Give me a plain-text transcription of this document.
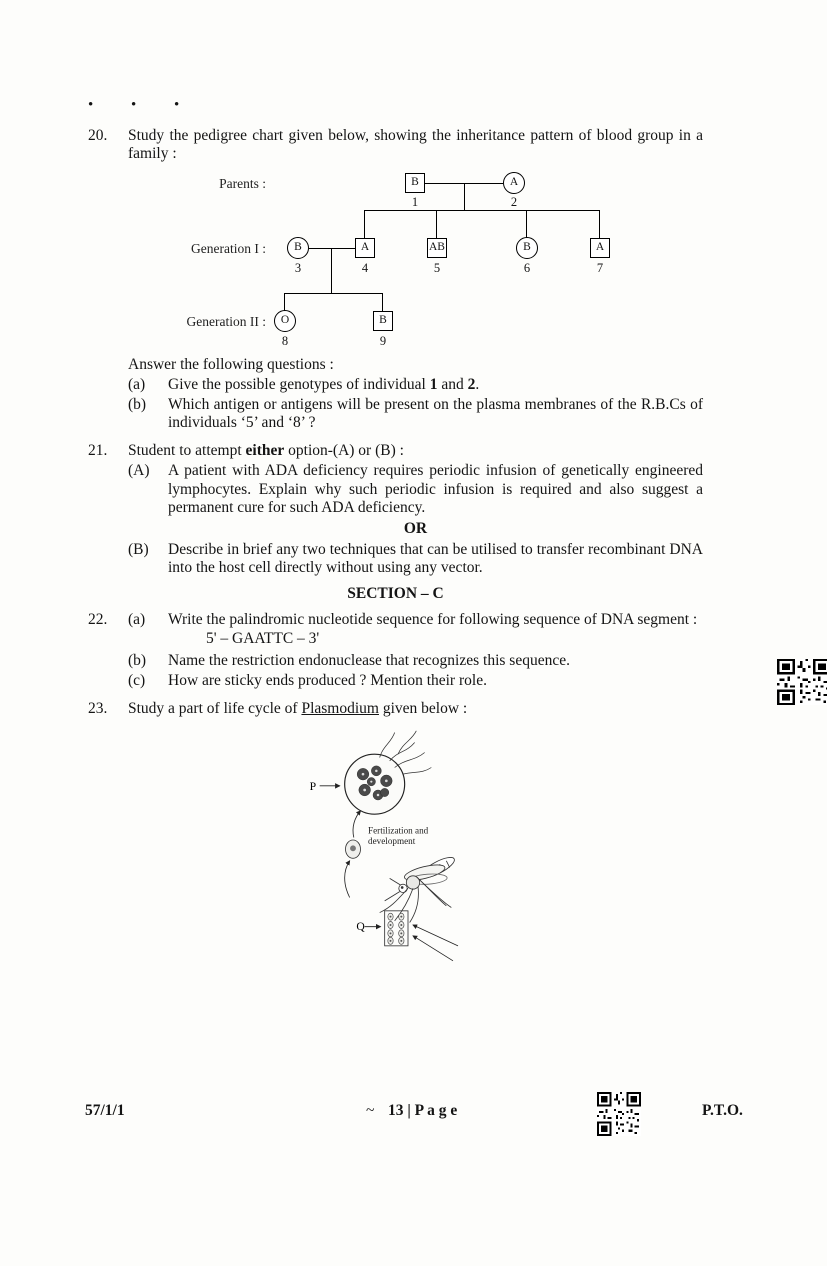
• • •
20.	Study the pedigree chart given below, showing the inheritance pattern of blood group in a family :

Parents :
Generation I :
Generation II :
B	A
B	A	AB	B	A
O	B
1	2
3	4	5	6	7
8	9

Answer the following questions :

(a)	Give the possible genotypes of individual 1 and 2.
(b)	Which antigen or antigens will be present on the plasma membranes of the R.B.Cs of individuals ‘5’ and ‘8’ ?
21.	Student to attempt either option-(A) or (B) :

(A)	A patient with ADA deficiency requires periodic infusion of genetically engineered lymphocytes. Explain why such periodic infusion is required and also suggest a permanent cure for such ADA deficiency.

OR

(B)	Describe in brief any two techniques that can be utilised to transfer recombinant DNA into the host cell directly without using any vector.

SECTION – C

22.	(a)	Write the palindromic nucleotide sequence for following sequence of DNA segment :

5' – GAATTC – 3'

(b)	Name the restriction endonuclease that recognizes this sequence.
(c)	How are sticky ends produced ? Mention their role.
23.	Study a part of life cycle of Plasmodium given below :

P
Fertilization and
development
Q
57/1/1	~ 13 | P a g e	P.T.O.
